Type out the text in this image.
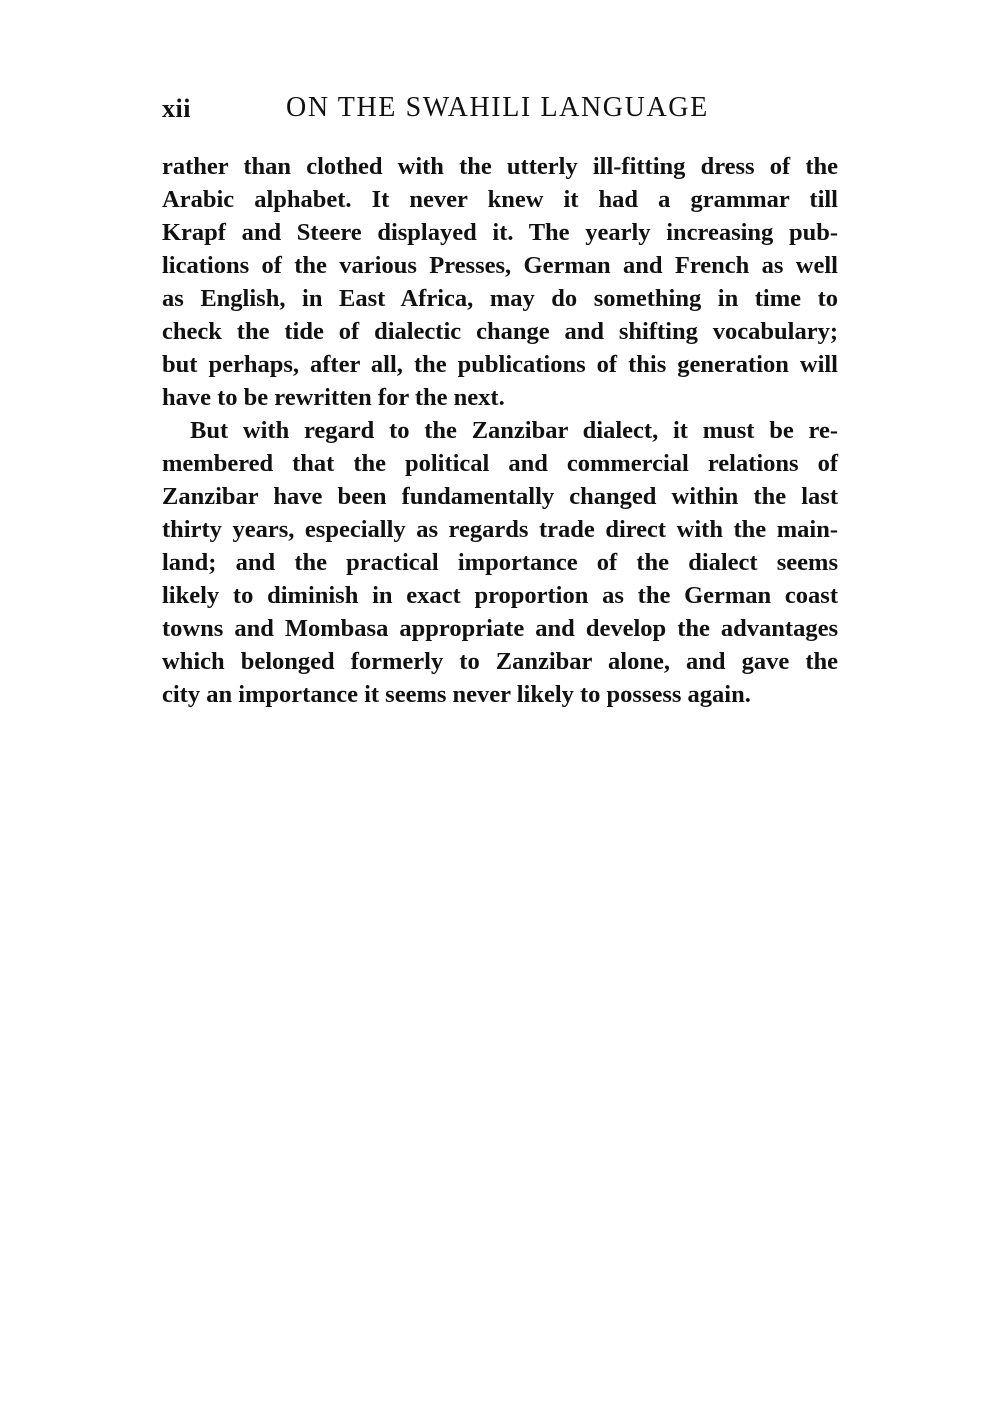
xii	ON THE SWAHILI LANGUAGE
rather than clothed with the utterly ill-fitting dress of the
Arabic alphabet. It never knew it had a grammar till
Krapf and Steere displayed it. The yearly increasing pub-
lications of the various Presses, German and French as well
as English, in East Africa, may do something in time to
check the tide of dialectic change and shifting vocabulary;
but perhaps, after all, the publications of this generation will
have to be rewritten for the next.
But with regard to the Zanzibar dialect, it must be re-
membered that the political and commercial relations of
Zanzibar have been fundamentally changed within the last
thirty years, especially as regards trade direct with the main-
land; and the practical importance of the dialect seems
likely to diminish in exact proportion as the German coast
towns and Mombasa appropriate and develop the advantages
which belonged formerly to Zanzibar alone, and gave the
city an importance it seems never likely to possess again.
